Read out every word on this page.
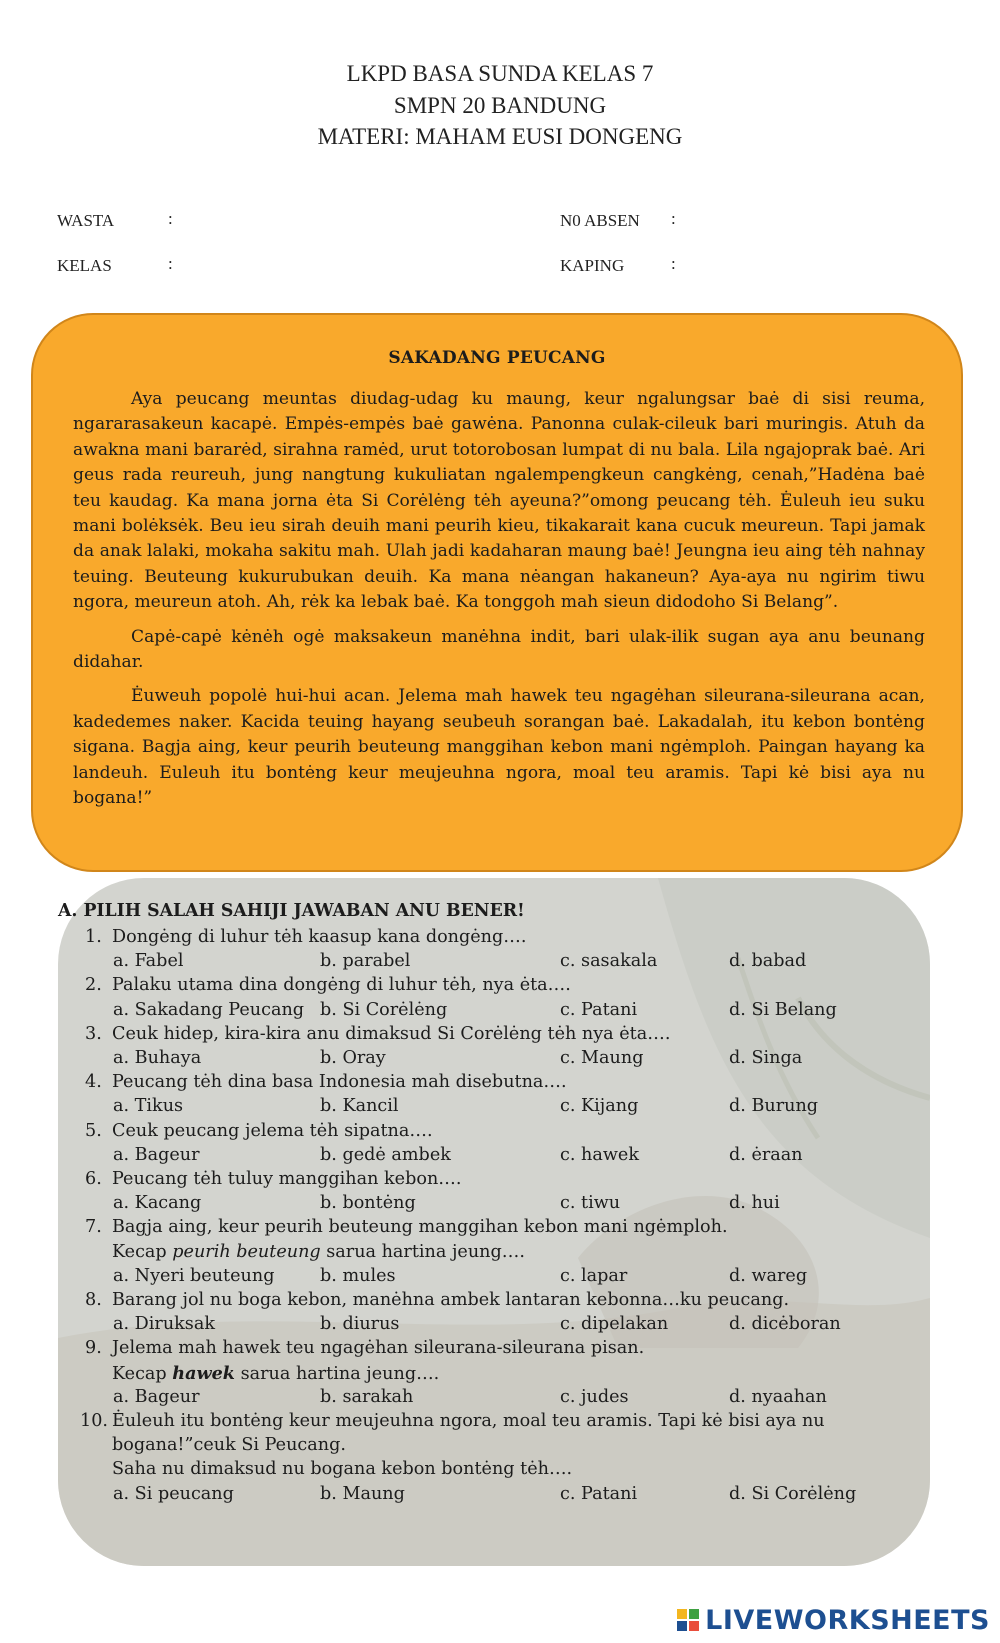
LKPD BASA SUNDA KELAS 7
SMPN 20 BANDUNG
MATERI: MAHAM EUSI DONGENG
WASTA	:
KELAS	:
N0 ABSEN :
KAPING	:
SAKADANG PEUCANG

Aya peucang meuntas diudag-udag ku maung, keur ngalungsar baė di sisi reuma, ngararasakeun kacapė. Empės-empės baė gawėna. Panonna culak-cileuk bari muringis. Atuh da awakna mani bararėd, sirahna ramėd, urut totorobosan lumpat di nu bala. Lila ngajoprak baė. Ari geus rada reureuh, jung nangtung kukuliatan ngalempengkeun cangkėng, cenah,”Hadėna baė teu kaudag. Ka mana jorna ėta Si Corėlėng tėh ayeuna?”omong peucang tėh. Ėuleuh ieu suku mani bolėksėk. Beu ieu sirah deuih mani peurih kieu, tikakarait kana cucuk meureun. Tapi jamak da anak lalaki, mokaha sakitu mah. Ulah jadi kadaharan maung baė! Jeungna ieu aing tėh nahnay teuing. Beuteung kukurubukan deuih. Ka mana nėangan hakaneun? Aya-aya nu ngirim tiwu ngora, meureun atoh. Ah, rėk ka lebak baė. Ka tonggoh mah sieun didodoho Si Belang”.

Capė-capė kėnėh ogė maksakeun manėhna indit, bari ulak-ilik sugan aya anu beunang didahar.

Ėuweuh popolė hui-hui acan. Jelema mah hawek teu ngagėhan sileurana-sileurana acan, kadedemes naker. Kacida teuing hayang seubeuh sorangan baė. Lakadalah, itu kebon bontėng sigana. Bagja aing, keur peurih beuteung manggihan kebon mani ngėmploh. Paingan hayang ka landeuh. Euleuh itu bontėng keur meujeuhna ngora, moal teu aramis. Tapi kė bisi aya nu bogana!”

A. PILIH SALAH SAHIJI JAWABAN ANU BENER!
1. Dongėng di luhur tėh kaasup kana dongėng….
a. Fabel	b. parabel	c. sasakala	d. babad
2. Palaku utama dina dongėng di luhur tėh, nya ėta….
a. Sakadang Peucang b. Si Corėlėng	c. Patani	d. Si Belang
3. Ceuk hidep, kira-kira anu dimaksud Si Corėlėng tėh nya ėta….
a. Buhaya	b. Oray	c. Maung	d. Singa
4. Peucang tėh dina basa Indonesia mah disebutna….
a. Tikus	b. Kancil	c. Kijang	d. Burung
5. Ceuk peucang jelema tėh sipatna….
a. Bageur	b. gedė ambek	c. hawek	d. ėraan
6. Peucang tėh tuluy manggihan kebon….
a. Kacang	b. bontėng	c. tiwu	d. hui
7. Bagja aing, keur peurih beuteung manggihan kebon mani ngėmploh.
Kecap peurih beuteung sarua hartina jeung….
a. Nyeri beuteung	b. mules	c. lapar	d. wareg
8. Barang jol nu boga kebon, manėhna ambek lantaran kebonna…ku peucang.
a. Diruksak	b. diurus	c. dipelakan	d. dicėboran
9. Jelema mah hawek teu ngagėhan sileurana-sileurana pisan.
Kecap hawek sarua hartina jeung….
a. Bageur	b. sarakah	c. judes	d. nyaahan
10. Ėuleuh itu bontėng keur meujeuhna ngora, moal teu aramis. Tapi kė bisi aya nu
bogana!”ceuk Si Peucang.
Saha nu dimaksud nu bogana kebon bontėng tėh….
a. Si peucang	b. Maung	c. Patani	d. Si Corėlėng
LIVEWORKSHEETS
